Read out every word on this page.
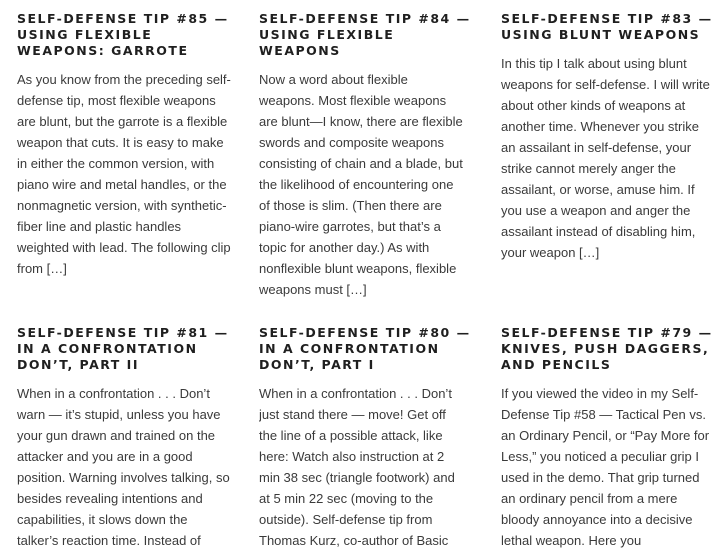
SELF-DEFENSE TIP #85 — USING FLEXIBLE WEAPONS: GARROTE

As you know from the preceding self-defense tip, most flexible weapons are blunt, but the garrote is a flexible weapon that cuts. It is easy to make in either the common version, with piano wire and metal handles, or the nonmagnetic version, with synthetic-fiber line and plastic handles weighted with lead. The following clip from […]

SELF-DEFENSE TIP #84 — USING FLEXIBLE WEAPONS

Now a word about flexible weapons. Most flexible weapons are blunt—I know, there are flexible swords and composite weapons consisting of chain and a blade, but the likelihood of encountering one of those is slim. (Then there are piano-wire garrotes, but that’s a topic for another day.) As with nonflexible blunt weapons, flexible weapons must […]

SELF-DEFENSE TIP #83 — USING BLUNT WEAPONS

In this tip I talk about using blunt weapons for self-defense. I will write about other kinds of weapons at another time. Whenever you strike an assailant in self-defense, your strike cannot merely anger the assailant, or worse, amuse him. If you use a weapon and anger the assailant instead of disabling him, your weapon […]

SELF-DEFENSE TIP #81 — IN A CONFRONTATION DON’T, PART II

When in a confrontation . . . Don’t warn — it’s stupid, unless you have your gun drawn and trained on the attacker and you are in a good position. Warning involves talking, so besides revealing intentions and capabilities, it slows down the talker’s reaction time. Instead of

SELF-DEFENSE TIP #80 — IN A CONFRONTATION DON’T, PART I

When in a confrontation . . . Don’t just stand there — move! Get off the line of a possible attack, like here: Watch also instruction at 2 min 38 sec (triangle footwork) and at 5 min 22 sec (moving to the outside). Self-defense tip from Thomas Kurz, co-author of Basic

SELF-DEFENSE TIP #79 — KNIVES, PUSH DAGGERS, AND PENCILS

If you viewed the video in my Self-Defense Tip #58 — Tactical Pen vs. an Ordinary Pencil, or “Pay More for Less,” you noticed a peculiar grip I used in the demo. That grip turned an ordinary pencil from a mere bloody annoyance into a decisive lethal weapon. Here you
